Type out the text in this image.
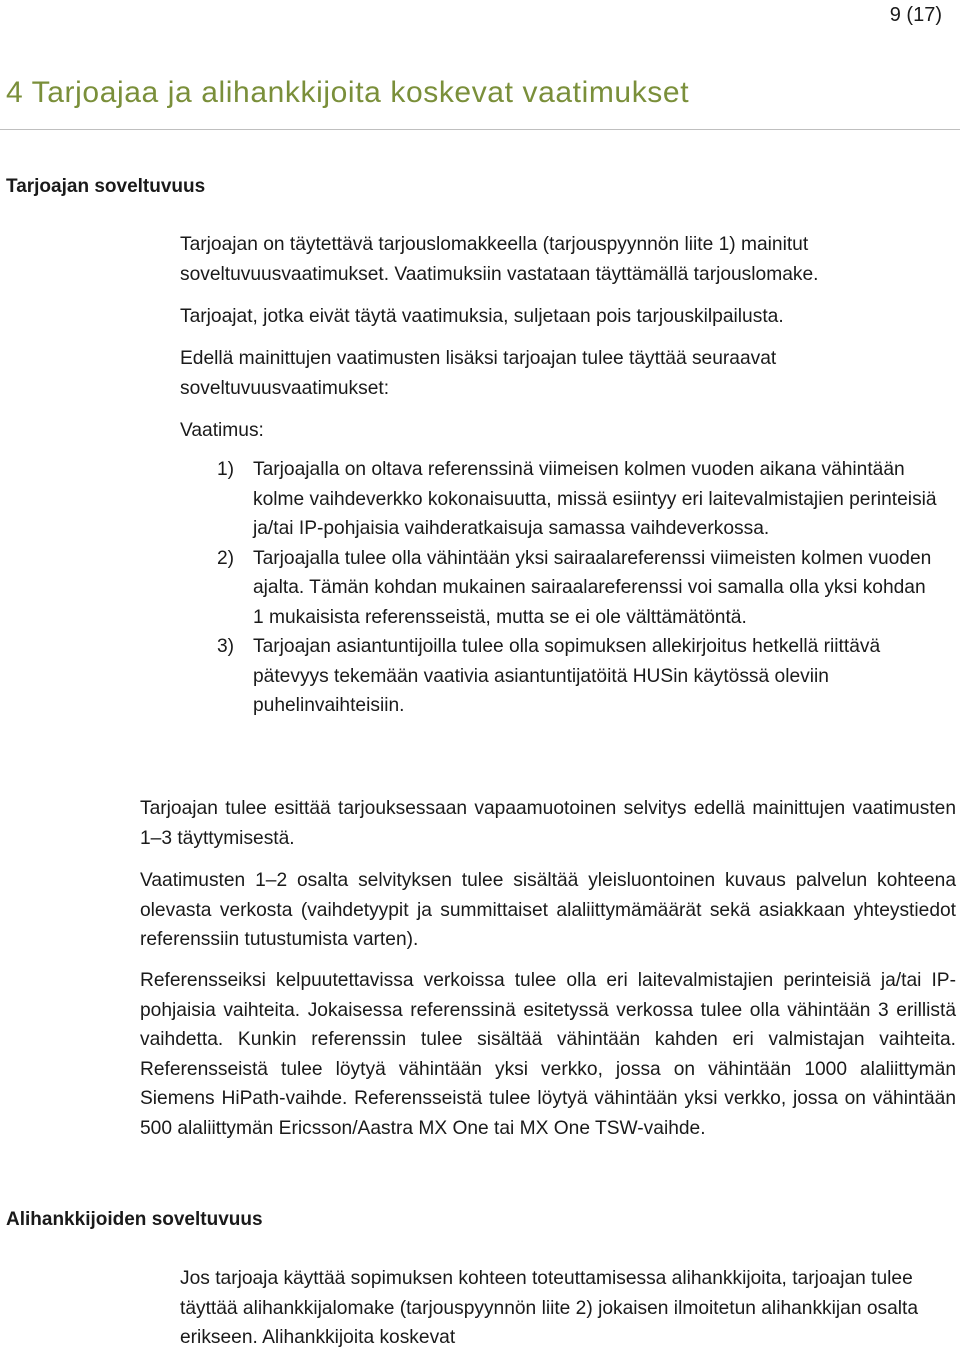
9 (17)
4 Tarjoajaa ja alihankkijoita koskevat vaatimukset
Tarjoajan soveltuvuus

Tarjoajan on täytettävä tarjouslomakkeella (tarjouspyynnön liite 1) mainitut soveltuvuusvaatimukset. Vaatimuksiin vastataan täyttämällä tarjouslomake.

Tarjoajat, jotka eivät täytä vaatimuksia, suljetaan pois tarjouskilpailusta.

Edellä mainittujen vaatimusten lisäksi tarjoajan tulee täyttää seuraavat soveltuvuusvaatimukset:

Vaatimus:

1) Tarjoajalla on oltava referenssinä viimeisen kolmen vuoden aikana vähintään kolme vaihdeverkko kokonaisuutta, missä esiintyy eri laitevalmistajien perinteisiä ja/tai IP-pohjaisia vaihderatkaisuja samassa vaihdeverkossa.
2) Tarjoajalla tulee olla vähintään yksi sairaalareferenssi viimeisten kolmen vuoden ajalta. Tämän kohdan mukainen sairaalareferenssi voi samalla olla yksi kohdan 1 mukaisista referensseistä, mutta se ei ole välttämätöntä.
3) Tarjoajan asiantuntijoilla tulee olla sopimuksen allekirjoitus hetkellä riittävä pätevyys tekemään vaativia asiantuntijatöitä HUSin käytössä oleviin puhelinvaihteisiin.

Tarjoajan tulee esittää tarjouksessaan vapaamuotoinen selvitys edellä mainittujen vaatimusten 1–3 täyttymisestä.

Vaatimusten 1–2 osalta selvityksen tulee sisältää yleisluontoinen kuvaus palvelun kohteena olevasta verkosta (vaihdetyypit ja summittaiset alaliittymämäärät sekä asiakkaan yhteystiedot referenssiin tutustumista varten).

Referensseiksi kelpuutettavissa verkoissa tulee olla eri laitevalmistajien perinteisiä ja/tai IP-pohjaisia vaihteita. Jokaisessa referenssinä esitetyssä verkossa tulee olla vähintään 3 erillistä vaihdetta. Kunkin referenssin tulee sisältää vähintään kahden eri valmistajan vaihteita. Referensseistä tulee löytyä vähintään yksi verkko, jossa on vähintään 1000 alaliittymän Siemens HiPath-vaihde. Referensseistä tulee löytyä vähintään yksi verkko, jossa on vähintään 500 alaliittymän Ericsson/Aastra MX One tai MX One TSW-vaihde.

Alihankkijoiden soveltuvuus

Jos tarjoaja käyttää sopimuksen kohteen toteuttamisessa alihankkijoita, tarjoajan tulee täyttää alihankkijalomake (tarjouspyynnön liite 2) jokaisen ilmoitetun alihankkijan osalta erikseen. Alihankkijoita koskevat
